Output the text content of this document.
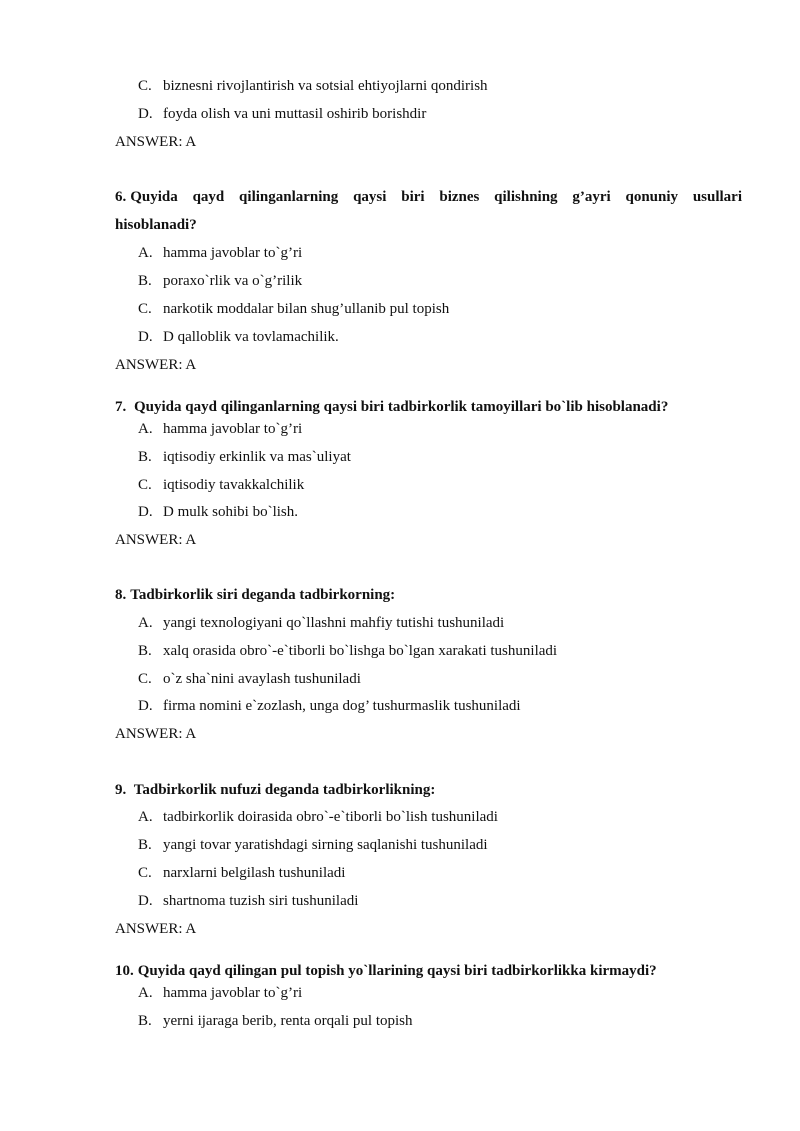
C. biznesni rivojlantirish va sotsial ehtiyojlarni qondirish
D. foyda olish va uni muttasil oshirib borishdir
ANSWER: A
6. Quyida qayd qilinganlarning qaysi biri biznes qilishning g’ayri qonuniy usullari
hisoblanadi?
A. hamma javoblar to`g’ri
B. poraxo`rlik va o`g’rilik
C. narkotik moddalar bilan shug’ullanib pul topish
D. D qalloblik va tovlamachilik.
ANSWER: A
7. Quyida qayd qilinganlarning qaysi biri tadbirkorlik tamoyillari bo`lib hisoblanadi?
A. hamma javoblar to`g’ri
B. iqtisodiy erkinlik va mas`uliyat
C. iqtisodiy tavakkalchilik
D. D mulk sohibi bo`lish.
ANSWER: A
8. Tadbirkorlik siri deganda tadbirkorning:
A. yangi texnologiyani qo`llashni mahfiy tutishi tushuniladi
B. xalq orasida obro`-e`tiborli bo`lishga bo`lgan xarakati tushuniladi
C. o`z sha`nini avaylash tushuniladi
D. firma nomini e`zozlash, unga dog’ tushurmaslik tushuniladi
ANSWER: A
9. Tadbirkorlik nufuzi deganda tadbirkorlikning:
A. tadbirkorlik doirasida obro`-e`tiborli bo`lish tushuniladi
B. yangi tovar yaratishdagi sirning saqlanishi tushuniladi
C. narxlarni belgilash tushuniladi
D. shartnoma tuzish siri tushuniladi
ANSWER: A
10. Quyida qayd qilingan pul topish yo`llarining qaysi biri tadbirkorlikka kirmaydi?
A. hamma javoblar to`g’ri
B. yerni ijaraga berib, renta orqali pul topish
